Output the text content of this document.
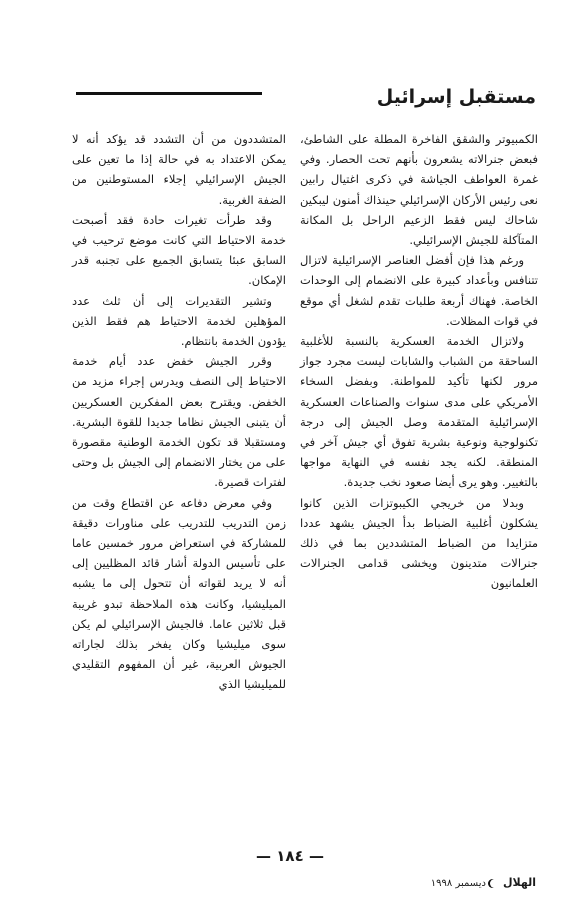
مستقبل إسرائيل

الكمبيوتر والشقق الفاخرة المطلة على الشاطئ، فبعض جنرالاته يشعرون بأنهم تحت الحصار. وفي غمرة العواطف الجياشة في ذكرى اغتيال رابين نعى رئيس الأركان الإسرائيلي حينذاك أمنون ليبكين شاحاك ليس فقط الزعيم الراحل بل المكانة المتآكلة للجيش الإسرائيلي.

ورغم هذا فإن أفضل العناصر الإسرائيلية لاتزال تتنافس وبأعداد كبيرة على الانضمام إلى الوحدات الخاصة. فهناك أربعة طلبات تقدم لشغل أي موقع في قوات المظلات.

ولاتزال الخدمة العسكرية بالنسبة للأغلبية الساحقة من الشباب والشابات ليست مجرد جواز مرور لكنها تأكيد للمواطنة. وبفضل السخاء الأمريكي على مدى سنوات والصناعات العسكرية الإسرائيلية المتقدمة وصل الجيش إلى درجة تكنولوجية ونوعية بشرية تفوق أي جيش آخر في المنطقة. لكنه يجد نفسه في النهاية مواجها بالتغيير. وهو يرى أيضا صعود نخب جديدة.

وبدلا من خريجي الكيبوتزات الذين كانوا يشكلون أغلبية الضباط بدأ الجيش يشهد عددا متزايدا من الضباط المتشددين بما في ذلك جنرالات متدينون ويخشى قدامى الجنرالات العلمانيون

المتشددون من أن التشدد قد يؤكد أنه لا يمكن الاعتداد به في حالة إذا ما تعين على الجيش الإسرائيلي إجلاء المستوطنين من الضفة الغربية.

وقد طرأت تغيرات حادة فقد أصبحت خدمة الاحتياط التي كانت موضع ترحيب في السابق عبئا يتسابق الجميع على تجنبه قدر الإمكان.

وتشير التقديرات إلى أن ثلث عدد المؤهلين لخدمة الاحتياط هم فقط الذين يؤدون الخدمة بانتظام.

وقرر الجيش خفض عدد أيام خدمة الاحتياط إلى النصف ويدرس إجراء مزيد من الخفض. ويقترح بعض المفكرين العسكريين أن يتبنى الجيش نظاما جديدا للقوة البشرية. ومستقبلا قد تكون الخدمة الوطنية مقصورة على من يختار الانضمام إلى الجيش بل وحتى لفترات قصيرة.

وفي معرض دفاعه عن اقتطاع وقت من زمن التدريب للتدريب على مناورات دقيقة للمشاركة في استعراض مرور خمسين عاما على تأسيس الدولة أشار قائد المظليين إلى أنه لا يريد لقواته أن تتحول إلى ما يشبه الميليشيا، وكانت هذه الملاحظة تبدو غريبة قبل ثلاثين عاما. فالجيش الإسرائيلي لم يكن سوى ميليشيا وكان يفخر بذلك لجاراته الجيوش العربية، غير أن المفهوم التقليدي للميليشيا الذي

— ١٨٤ —
الهلالديسمبر ١٩٩٨
